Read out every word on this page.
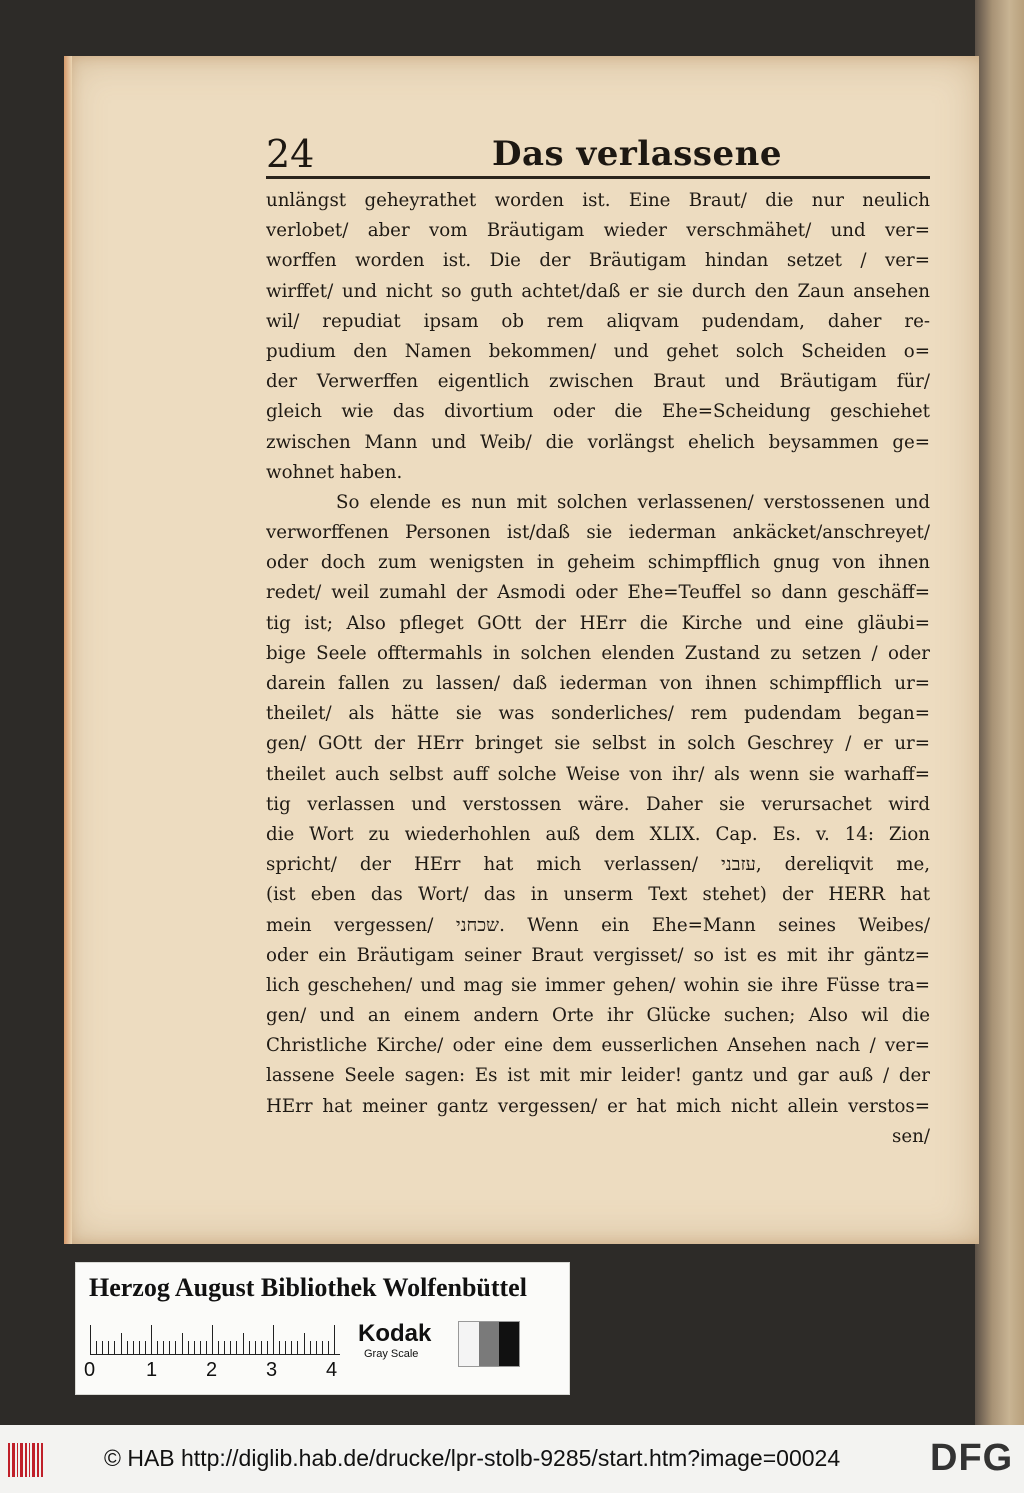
24	Das verlassene
unlängst geheyrathet worden ist. Eine Braut/ die nur neulich
verlobet/ aber vom Bräutigam wieder verschmähet/ und ver=
worffen worden ist. Die der Bräutigam hindan setzet / ver=
wirffet/ und nicht so guth achtet/daß er sie durch den Zaun ansehen
wil/ repudiat ipsam ob rem aliqvam pudendam, daher re-
pudium den Namen bekommen/ und gehet solch Scheiden o=
der Verwerffen eigentlich zwischen Braut und Bräutigam für/
gleich wie das divortium oder die Ehe=Scheidung geschiehet
zwischen Mann und Weib/ die vorlängst ehelich beysammen ge=
wohnet haben.
So elende es nun mit solchen verlassenen/ verstossenen und
verworffenen Personen ist/daß sie iederman ankäcket/anschreyet/
oder doch zum wenigsten in geheim schimpfflich gnug von ihnen
redet/ weil zumahl der Asmodi oder Ehe=Teuffel so dann geschäff=
tig ist; Also pfleget GOtt der HErr die Kirche und eine gläubi=
bige Seele offtermahls in solchen elenden Zustand zu setzen / oder
darein fallen zu lassen/ daß iederman von ihnen schimpfflich ur=
theilet/ als hätte sie was sonderliches/ rem pudendam began=
gen/ GOtt der HErr bringet sie selbst in solch Geschrey / er ur=
theilet auch selbst auff solche Weise von ihr/ als wenn sie warhaff=
tig verlassen und verstossen wäre. Daher sie verursachet wird
die Wort zu wiederhohlen auß dem XLIX. Cap. Es. v. 14: Zion
spricht/ der HErr hat mich verlassen/ עזבני, dereliqvit me,
(ist eben das Wort/ das in unserm Text stehet) der HERR hat
mein vergessen/ שכחני. Wenn ein Ehe=Mann seines Weibes/
oder ein Bräutigam seiner Braut vergisset/ so ist es mit ihr gäntz=
lich geschehen/ und mag sie immer gehen/ wohin sie ihre Füsse tra=
gen/ und an einem andern Orte ihr Glücke suchen; Also wil die
Christliche Kirche/ oder eine dem eusserlichen Ansehen nach / ver=
lassene Seele sagen: Es ist mit mir leider! gantz und gar auß / der
HErr hat meiner gantz vergessen/ er hat mich nicht allein verstos=
sen/
Herzog August Bibliothek Wolfenbüttel
0	1 2 3 4
Kodak
Gray Scale
© HAB http://diglib.hab.de/drucke/lpr-stolb-9285/start.htm?image=00024 DFG
